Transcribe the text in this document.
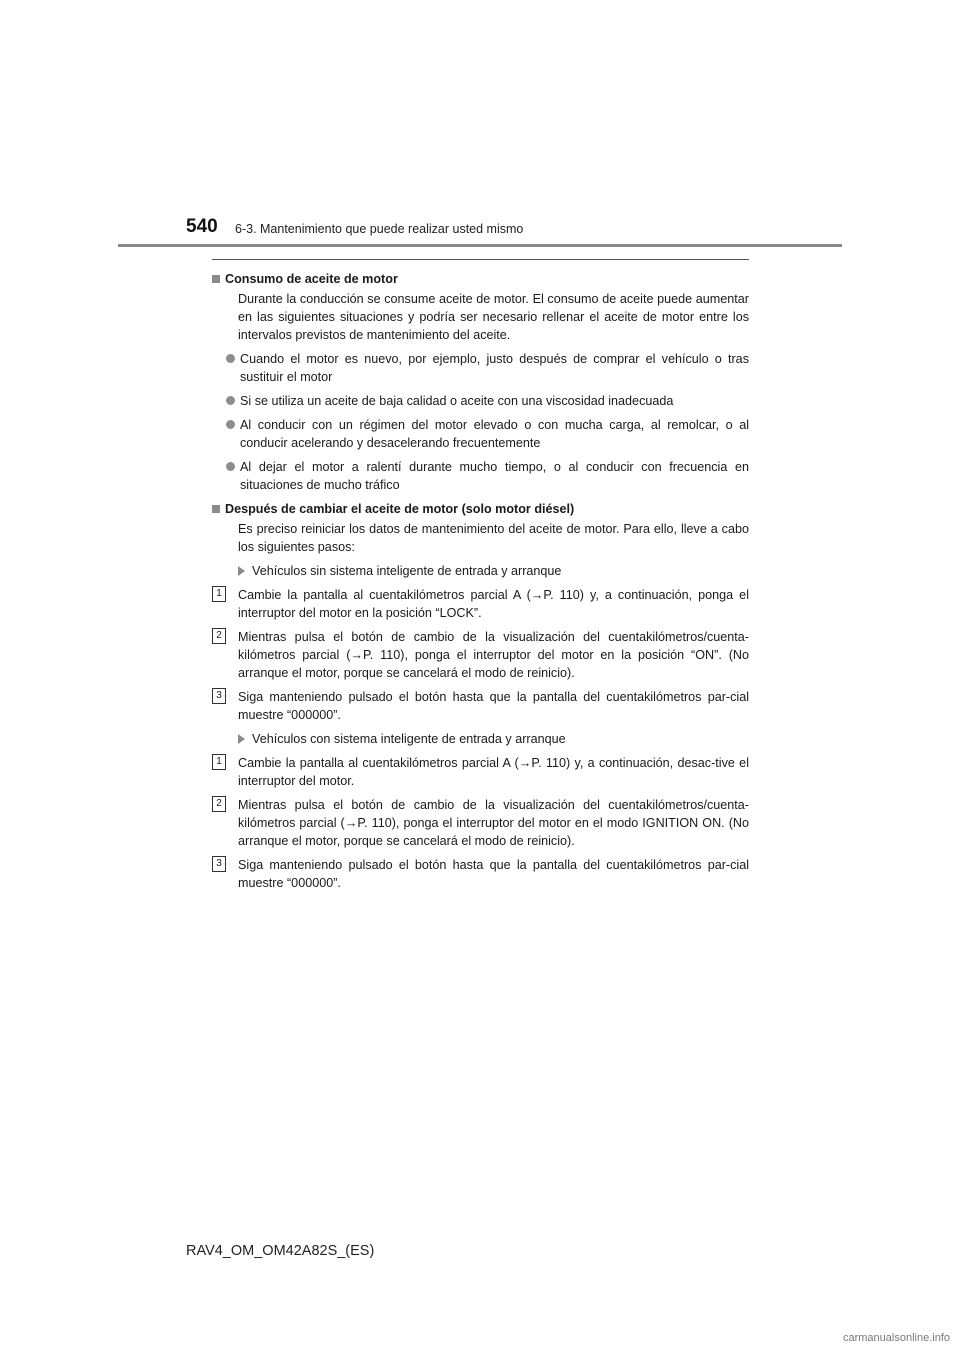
540 6-3. Mantenimiento que puede realizar usted mismo
Consumo de aceite de motor
Durante la conducción se consume aceite de motor. El consumo de aceite puede aumentar en las siguientes situaciones y podría ser necesario rellenar el aceite de motor entre los intervalos previstos de mantenimiento del aceite.
Cuando el motor es nuevo, por ejemplo, justo después de comprar el vehículo o tras sustituir el motor
Si se utiliza un aceite de baja calidad o aceite con una viscosidad inadecuada
Al conducir con un régimen del motor elevado o con mucha carga, al remolcar, o al conducir acelerando y desacelerando frecuentemente
Al dejar el motor a ralentí durante mucho tiempo, o al conducir con frecuencia en situaciones de mucho tráfico
Después de cambiar el aceite de motor (solo motor diésel)
Es preciso reiniciar los datos de mantenimiento del aceite de motor. Para ello, lleve a cabo los siguientes pasos:
Vehículos sin sistema inteligente de entrada y arranque
1	Cambie la pantalla al cuentakilómetros parcial A (→P. 110) y, a continuación, ponga el interruptor del motor en la posición “LOCK”.
2	Mientras pulsa el botón de cambio de la visualización del cuentakilómetros/cuenta-kilómetros parcial (→P. 110), ponga el interruptor del motor en la posición “ON”. (No arranque el motor, porque se cancelará el modo de reinicio).
3	Siga manteniendo pulsado el botón hasta que la pantalla del cuentakilómetros par-cial muestre “000000”.
Vehículos con sistema inteligente de entrada y arranque
1	Cambie la pantalla al cuentakilómetros parcial A (→P. 110) y, a continuación, desac-tive el interruptor del motor.
2	Mientras pulsa el botón de cambio de la visualización del cuentakilómetros/cuenta-kilómetros parcial (→P. 110), ponga el interruptor del motor en el modo IGNITION ON. (No arranque el motor, porque se cancelará el modo de reinicio).
3	Siga manteniendo pulsado el botón hasta que la pantalla del cuentakilómetros par-cial muestre “000000”.
RAV4_OM_OM42A82S_(ES)
carmanualsonline.info
